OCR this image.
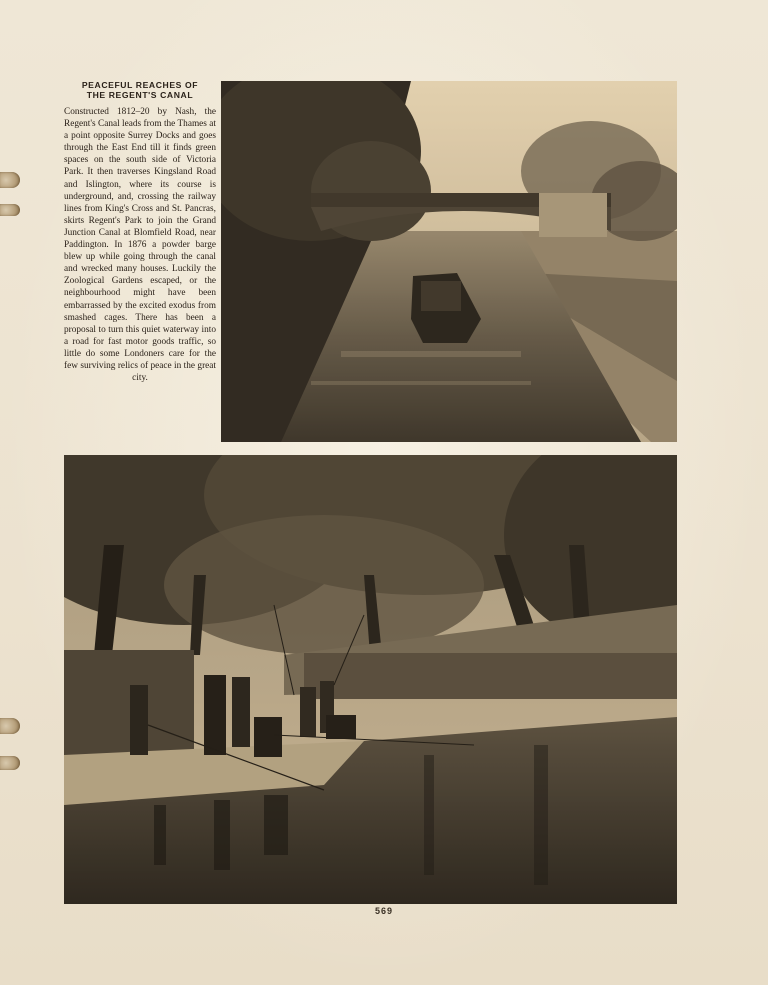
PEACEFUL REACHES OF
THE REGENT'S CANAL

Constructed 1812–20 by Nash, the Regent's Canal leads from the Thames at a point opposite Surrey Docks and goes through the East End till it finds green spaces on the south side of Victoria Park. It then traverses Kingsland Road and Islington, where its course is underground, and, crossing the railway lines from King's Cross and St. Pancras, skirts Regent's Park to join the Grand Junction Canal at Blomfield Road, near Paddington. In 1876 a powder barge blew up while going through the canal and wrecked many houses. Luckily the Zoological Gardens escaped, or the neighbourhood might have been embarrassed by the excited exodus from smashed cages. There has been a proposal to turn this quiet waterway into a road for fast motor goods traffic, so little do some Londoners care for the few surviving relics of peace in the great city.

569
